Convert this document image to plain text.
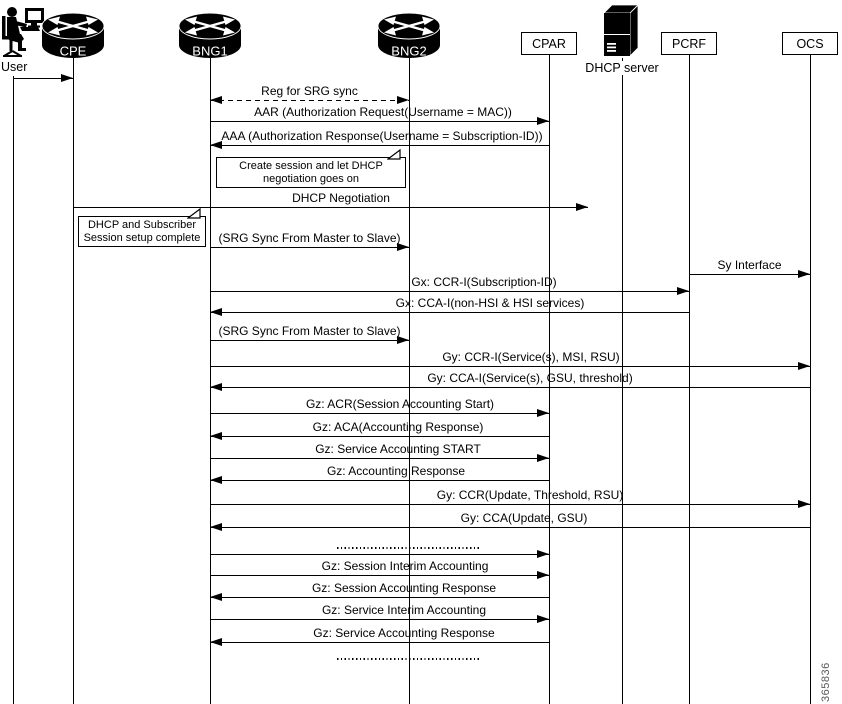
365836
Reg for SRG sync
AAR (Authorization Request(Username = MAC))
AAA (Authorization Response(Username = Subscription-ID))
DHCP Negotiation
(SRG Sync From Master to Slave)
Sy Interface
Gx: CCR-I(Subscription-ID)
Gx: CCA-I(non-HSI & HSI services)
(SRG Sync From Master to Slave)
Gy: CCR-I(Service(s), MSI, RSU)
Gy: CCA-I(Service(s), GSU, threshold)
Gz: ACR(Session Accounting Start)
Gz: ACA(Accounting Response)
Gz: Service Accounting START
Gz: Accounting Response
Gy: CCR(Update, Threshold, RSU)
Gy: CCA(Update, GSU)
Gz: Session Interim Accounting
Gz: Session Accounting Response
Gz: Service Interim Accounting
Gz: Service Accounting Response
Create session and let DHCP
negotiation goes on
DHCP and Subscriber
Session setup complete
User
CPE	BNG1	BNG2	CPAR
DHCP server
PCRF	OCS
